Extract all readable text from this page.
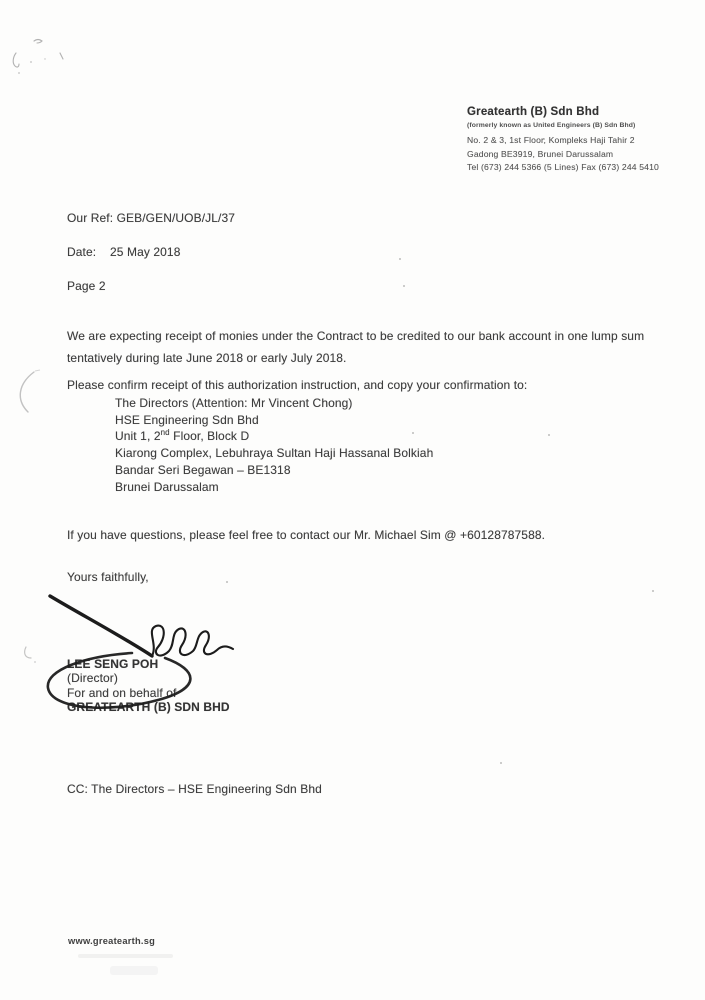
Greatearth (B) Sdn Bhd
(formerly known as United Engineers (B) Sdn Bhd)
No. 2 & 3, 1st Floor, Kompleks Haji Tahir 2
Gadong BE3919, Brunei Darussalam
Tel (673) 244 5366 (5 Lines) Fax (673) 244 5410
Our Ref: GEB/GEN/UOB/JL/37
Date: 25 May 2018
Page 2
We are expecting receipt of monies under the Contract to be credited to our bank account in one lump sum
tentatively during late June 2018 or early July 2018.
Please confirm receipt of this authorization instruction, and copy your confirmation to:
The Directors (Attention: Mr Vincent Chong)
HSE Engineering Sdn Bhd
Unit 1, 2nd Floor, Block D
Kiarong Complex, Lebuhraya Sultan Haji Hassanal Bolkiah
Bandar Seri Begawan – BE1318
Brunei Darussalam
If you have questions, please feel free to contact our Mr. Michael Sim @ +60128787588.
Yours faithfully,
LEE SENG POH
(Director)
For and on behalf of
GREATEARTH (B) SDN BHD
CC: The Directors – HSE Engineering Sdn Bhd
www.greatearth.sg
